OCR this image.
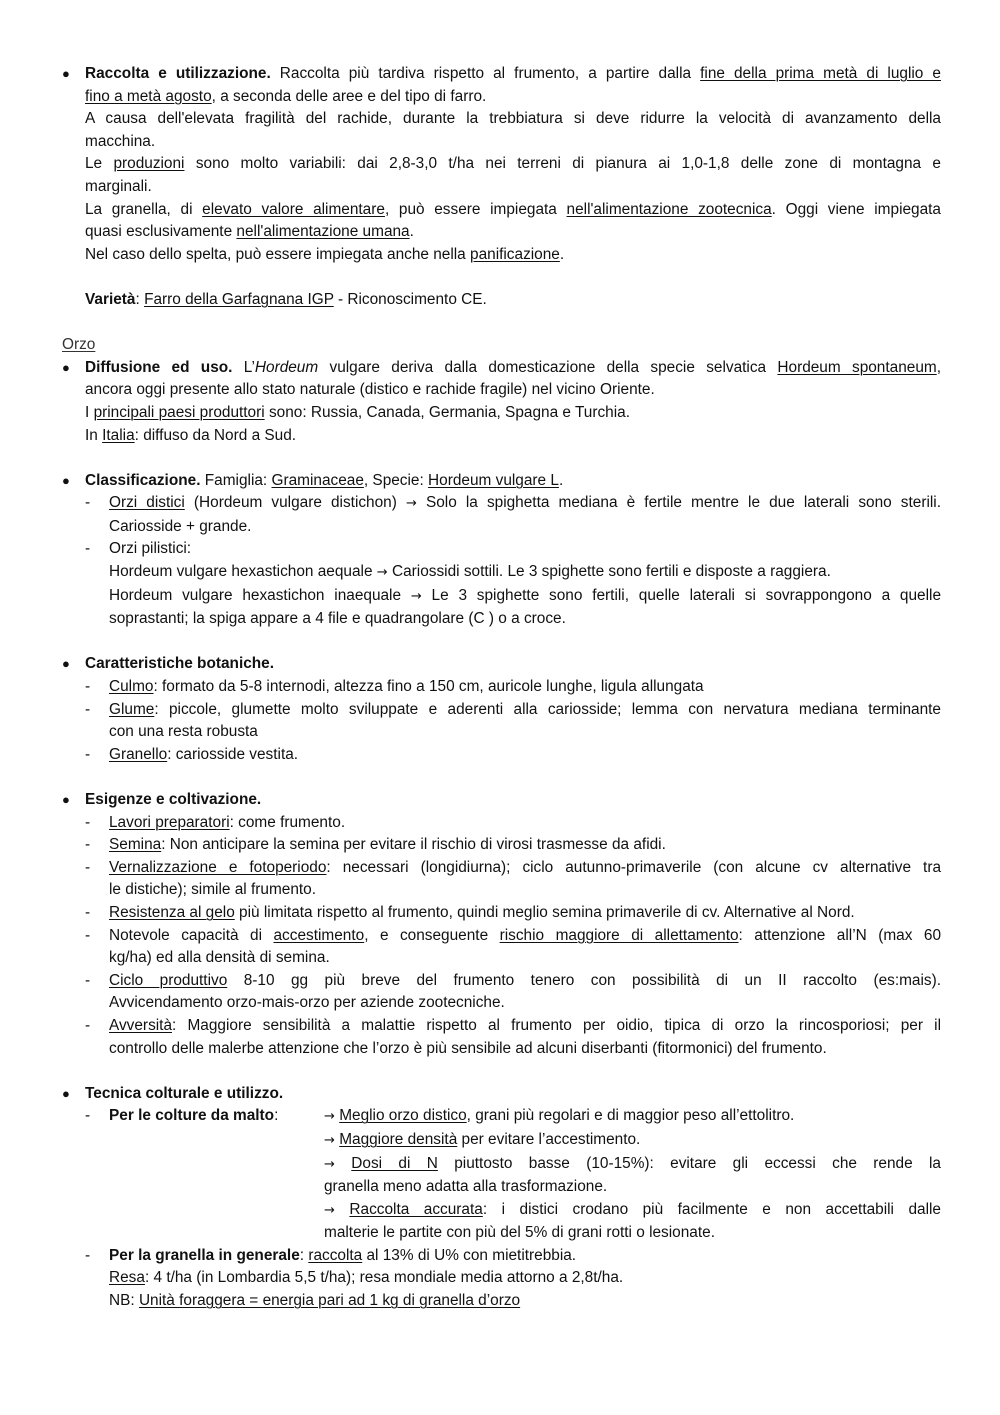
● Raccolta e utilizzazione. Raccolta più tardiva rispetto al frumento, a partire dalla fine della prima metà di luglio e

fino a metà agosto, a seconda delle aree e del tipo di farro.

A causa dell'elevata fragilità del rachide, durante la trebbiatura si deve ridurre la velocità di avanzamento della

macchina.

Le produzioni sono molto variabili: dai 2,8-3,0 t/ha nei terreni di pianura ai 1,0-1,8 delle zone di montagna e

marginali.

La granella, di elevato valore alimentare, può essere impiegata nell'alimentazione zootecnica. Oggi viene impiegata

quasi esclusivamente nell'alimentazione umana.

Nel caso dello spelta, può essere impiegata anche nella panificazione.

Varietà: Farro della Garfagnana IGP - Riconoscimento CE.

Orzo

● Diffusione ed uso. L’Hordeum vulgare deriva dalla domesticazione della specie selvatica Hordeum spontaneum,

ancora oggi presente allo stato naturale (distico e rachide fragile) nel vicino Oriente.

I principali paesi produttori sono: Russia, Canada, Germania, Spagna e Turchia.

In Italia: diffuso da Nord a Sud.

● Classificazione. Famiglia: Graminaceae, Specie: Hordeum vulgare L.

- Orzi distici (Hordeum vulgare distichon) → Solo la spighetta mediana è fertile mentre le due laterali sono sterili.

Cariosside + grande.

- Orzi pilistici:

Hordeum vulgare hexastichon aequale → Cariossidi sottili. Le 3 spighette sono fertili e disposte a raggiera.

Hordeum vulgare hexastichon inaequale → Le 3 spighette sono fertili, quelle laterali si sovrappongono a quelle

soprastanti; la spiga appare a 4 file e quadrangolare (C ) o a croce.

● Caratteristiche botaniche.

- Culmo: formato da 5-8 internodi, altezza fino a 150 cm, auricole lunghe, ligula allungata

- Glume: piccole, glumette molto sviluppate e aderenti alla cariosside; lemma con nervatura mediana terminante

con una resta robusta

- Granello: cariosside vestita.

● Esigenze e coltivazione.

- Lavori preparatori: come frumento.

- Semina: Non anticipare la semina per evitare il rischio di virosi trasmesse da afidi.

- Vernalizzazione e fotoperiodo: necessari (longidiurna); ciclo autunno-primaverile (con alcune cv alternative tra

le distiche); simile al frumento.

- Resistenza al gelo più limitata rispetto al frumento, quindi meglio semina primaverile di cv. Alternative al Nord.

- Notevole capacità di accestimento, e conseguente rischio maggiore di allettamento: attenzione all’N (max 60

kg/ha) ed alla densità di semina.

- Ciclo produttivo 8-10 gg più breve del frumento tenero con possibilità di un II raccolto (es:mais).

Avvicendamento orzo-mais-orzo per aziende zootecniche.

- Avversità: Maggiore sensibilità a malattie rispetto al frumento per oidio, tipica di orzo la rincosporiosi; per il

controllo delle malerbe attenzione che l’orzo è più sensibile ad alcuni diserbanti (fitormonici) del frumento.

● Tecnica colturale e utilizzo.

- Per le colture da malto:	→ Meglio orzo distico, grani più regolari e di maggior peso all’ettolitro.

→ Maggiore densità per evitare l’accestimento.

→ Dosi di N piuttosto basse (10-15%): evitare gli eccessi che rende la

granella meno adatta alla trasformazione.

→ Raccolta accurata: i distici crodano più facilmente e non accettabili dalle

malterie le partite con più del 5% di grani rotti o lesionate.

- Per la granella in generale: raccolta al 13% di U% con mietitrebbia.

Resa: 4 t/ha (in Lombardia 5,5 t/ha); resa mondiale media attorno a 2,8t/ha.

NB: Unità foraggera = energia pari ad 1 kg di granella d’orzo
